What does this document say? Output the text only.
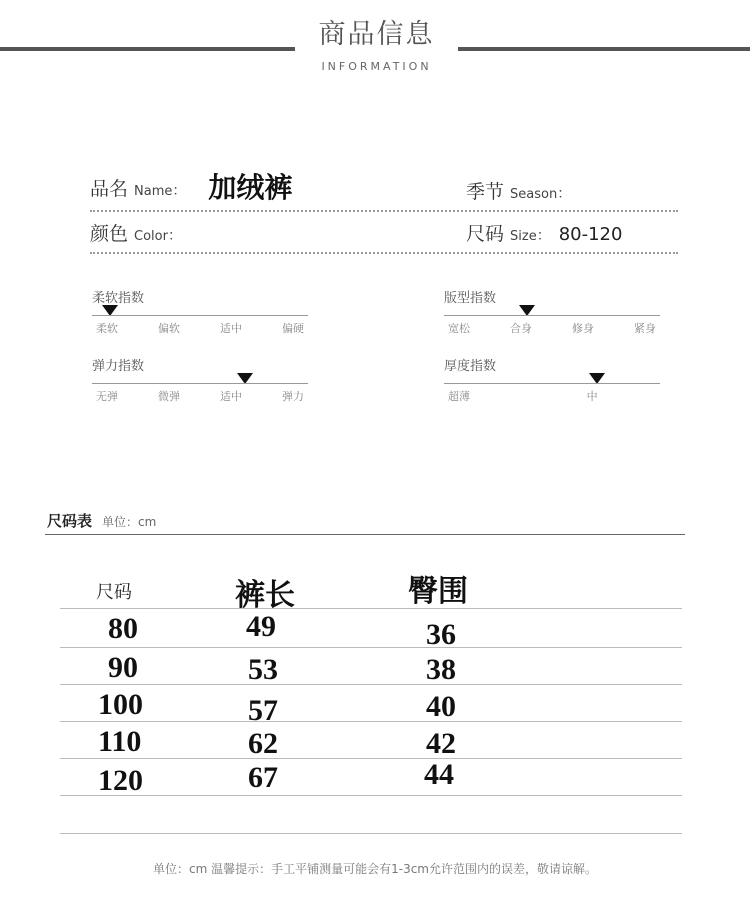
商品信息
INFORMATION
品名 Name ： 加绒裤	季节 Season ：
颜色 Color ：	尺码 Size ： 80-120
柔软指数
柔软	偏软	适中	偏硬
版型指数
宽松	合身	修身	紧身
弹力指数
无弹	微弹	适中	弹力
厚度指数
超薄	中
尺码表 单位：cm
尺码	裤长	臀围
80	49	36
90	53	38
100	57	40
110	62	42
120	67	44
单位：cm 温馨提示：手工平铺测量可能会有1-3cm允许范围内的误差，敬请谅解。
